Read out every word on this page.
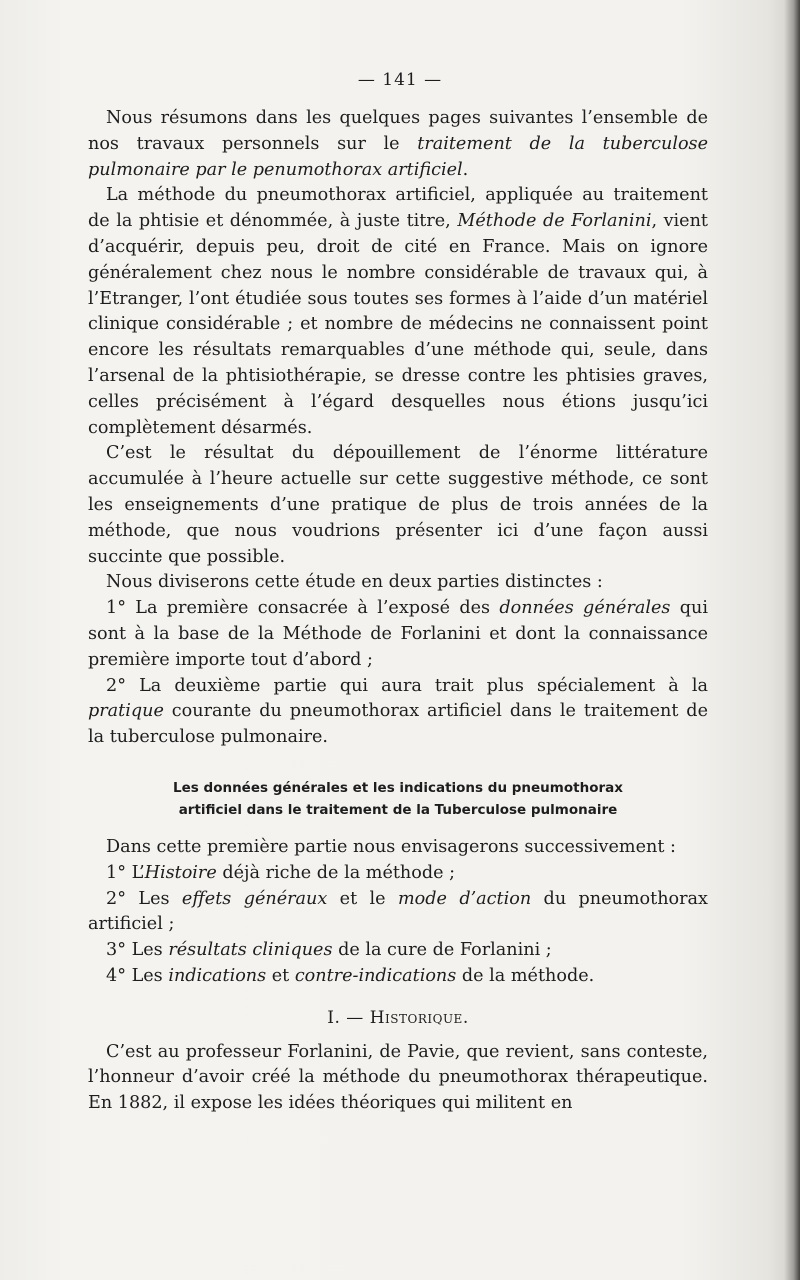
— 141 —

Nous résumons dans les quelques pages suivantes l’ensemble de nos travaux personnels sur le traitement de la tuberculose pulmonaire par le penumothorax artificiel.

La méthode du pneumothorax artificiel, appliquée au traitement de la phtisie et dénommée, à juste titre, Méthode de Forlanini, vient d’acquérir, depuis peu, droit de cité en France. Mais on ignore généralement chez nous le nombre considérable de travaux qui, à l’Etranger, l’ont étudiée sous toutes ses formes à l’aide d’un matériel clinique considérable ; et nombre de médecins ne connaissent point encore les résultats remarquables d’une méthode qui, seule, dans l’arsenal de la phtisiothérapie, se dresse contre les phtisies graves, celles précisément à l’égard desquelles nous étions jusqu’ici complètement désarmés.

C’est le résultat du dépouillement de l’énorme littérature accumulée à l’heure actuelle sur cette suggestive méthode, ce sont les enseignements d’une pratique de plus de trois années de la méthode, que nous voudrions présenter ici d’une façon aussi succinte que possible.

Nous diviserons cette étude en deux parties distinctes :

1° La première consacrée à l’exposé des données générales qui sont à la base de la Méthode de Forlanini et dont la connaissance première importe tout d’abord ;

2° La deuxième partie qui aura trait plus spécialement à la pratique courante du pneumothorax artificiel dans le traitement de la tuberculose pulmonaire.

Les données générales et les indications du pneumothorax
artificiel dans le traitement de la Tuberculose pulmonaire

Dans cette première partie nous envisagerons successivement :

1° L’Histoire déjà riche de la méthode ;

2° Les effets généraux et le mode d’action du pneumothorax artificiel ;

3° Les résultats cliniques de la cure de Forlanini ;

4° Les indications et contre-indications de la méthode.

I. — Historique.

C’est au professeur Forlanini, de Pavie, que revient, sans conteste, l’honneur d’avoir créé la méthode du pneumothorax thérapeutique. En 1882, il expose les idées théoriques qui militent en
